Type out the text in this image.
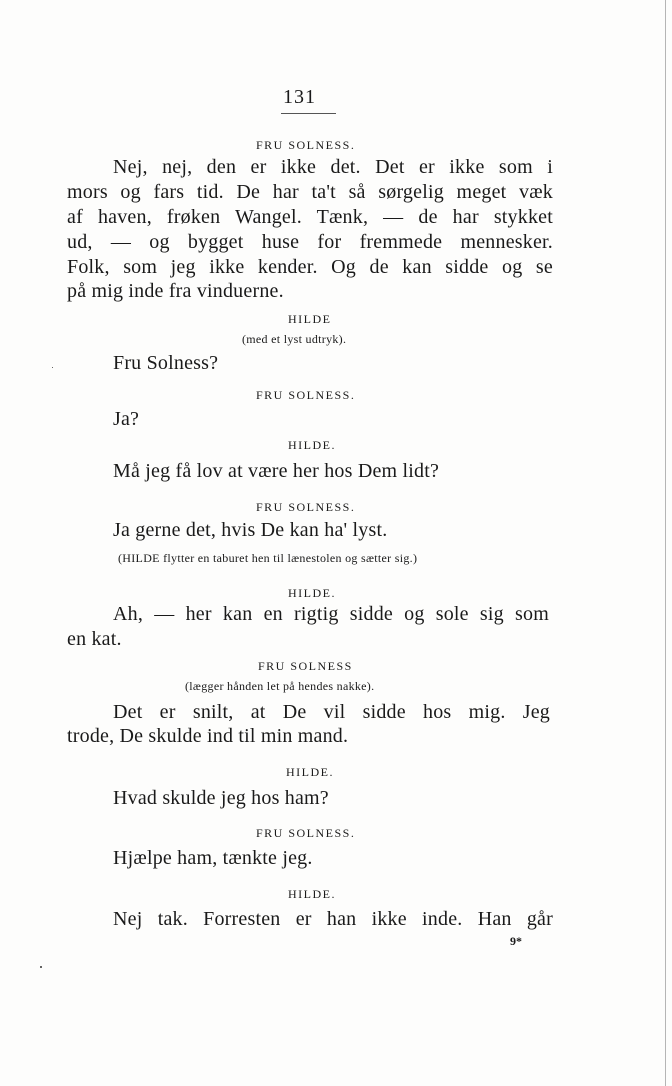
131
FRU SOLNESS.
Nej, nej, den er ikke det. Det er ikke som i
mors og fars tid. De har ta't så sørgelig meget væk
af haven, frøken Wangel. Tænk, — de har stykket
ud, — og bygget huse for fremmede mennesker.
Folk, som jeg ikke kender. Og de kan sidde og se
på mig inde fra vinduerne.
HILDE
(med et lyst udtryk).
Fru Solness?
FRU SOLNESS.
Ja?
HILDE.
Må jeg få lov at være her hos Dem lidt?
FRU SOLNESS.
Ja gerne det, hvis De kan ha' lyst.
(HILDE flytter en taburet hen til lænestolen og sætter sig.)
HILDE.
Ah, — her kan en rigtig sidde og sole sig som
en kat.
FRU SOLNESS
(lægger hånden let på hendes nakke).
Det er snilt, at De vil sidde hos mig. Jeg
trode, De skulde ind til min mand.
HILDE.
Hvad skulde jeg hos ham?
FRU SOLNESS.
Hjælpe ham, tænkte jeg.
HILDE.
Nej tak. Forresten er han ikke inde. Han går
9*
